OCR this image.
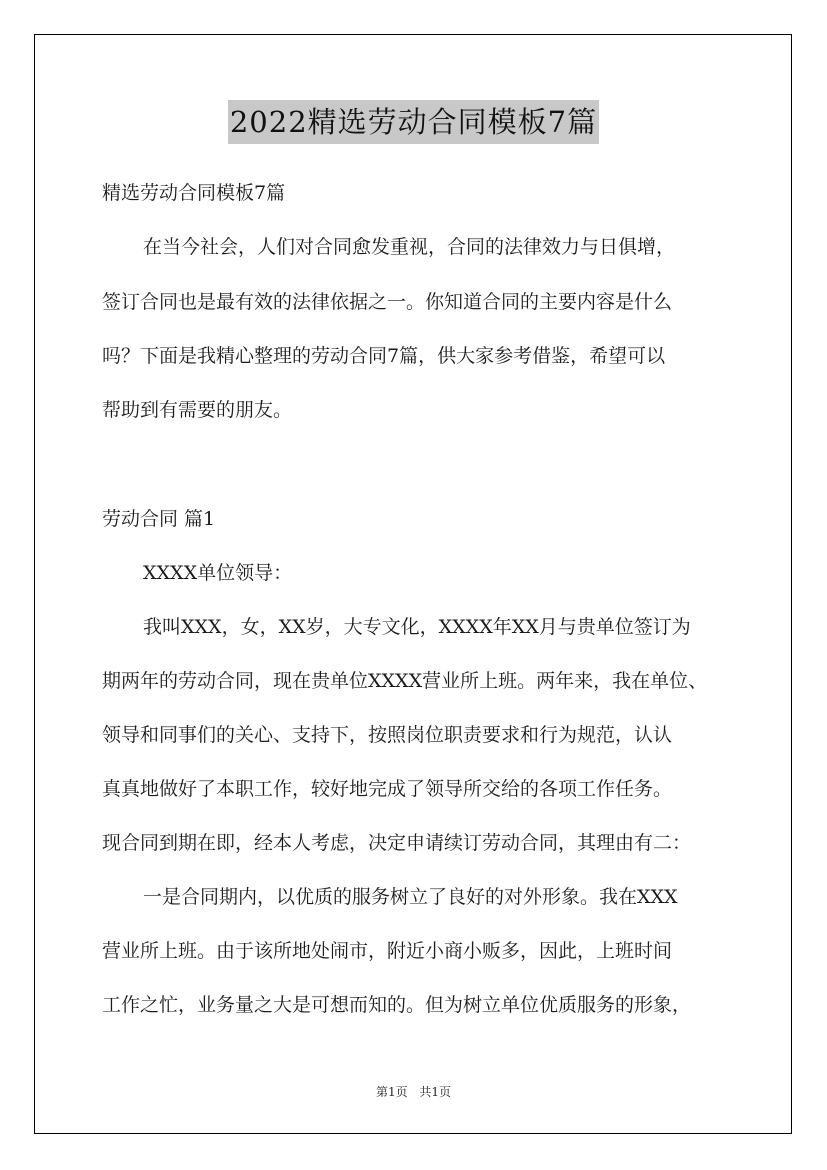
2022精选劳动合同模板7篇

精选劳动合同模板7篇

在当今社会，人们对合同愈发重视，合同的法律效力与日俱增，

签订合同也是最有效的法律依据之一。你知道合同的主要内容是什么

吗？下面是我精心整理的劳动合同7篇，供大家参考借鉴，希望可以

帮助到有需要的朋友。

劳动合同 篇1

XXXX单位领导：

我叫XXX，女，XX岁，大专文化，XXXX年XX月与贵单位签订为

期两年的劳动合同，现在贵单位XXXX营业所上班。两年来，我在单位、

领导和同事们的关心、支持下，按照岗位职责要求和行为规范，认认

真真地做好了本职工作，较好地完成了领导所交给的各项工作任务。

现合同到期在即，经本人考虑，决定申请续订劳动合同，其理由有二：

一是合同期内，以优质的服务树立了良好的对外形象。我在XXX

营业所上班。由于该所地处闹市，附近小商小贩多，因此，上班时间

工作之忙，业务量之大是可想而知的。但为树立单位优质服务的形象，

第1页 共1页
